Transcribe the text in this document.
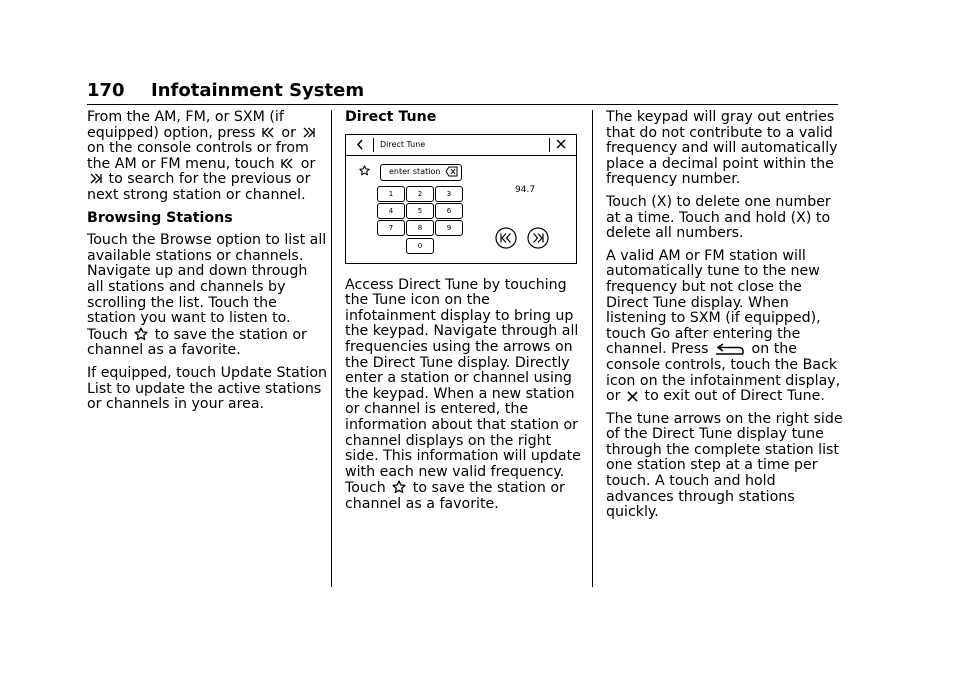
170 Infotainment System

From the AM, FM, or SXM (if equipped) option, press or
on the console controls or from the AM or FM menu, touch or
to search for the previous or next strong station or channel.

Browsing Stations

Touch the Browse option to list all available stations or channels. Navigate up and down through all stations and channels by scrolling the list. Touch the station you want to listen to. Touch to save the station or channel as a favorite.

If equipped, touch Update Station List to update the active stations or channels in your area.

Direct Tune

Direct Tune
enter station
1	2	3
4	5	6
7	8	9
0
94.7

Access Direct Tune by touching the Tune icon on the infotainment display to bring up the keypad. Navigate through all frequencies using the arrows on the Direct Tune display. Directly enter a station or channel using the keypad. When a new station or channel is entered, the information about that station or channel displays on the right side. This information will update with each new valid frequency. Touch to save the station or channel as a favorite.

The keypad will gray out entries that do not contribute to a valid frequency and will automatically place a decimal point within the frequency number.

Touch (X) to delete one number at a time. Touch and hold (X) to delete all numbers.

A valid AM or FM station will automatically tune to the new frequency but not close the Direct Tune display. When listening to SXM (if equipped), touch Go after entering the channel. Press	on the console controls, touch the Back icon on the infotainment display, or to exit out of Direct Tune.

The tune arrows on the right side of the Direct Tune display tune through the complete station list one station step at a time per touch. A touch and hold advances through stations quickly.
